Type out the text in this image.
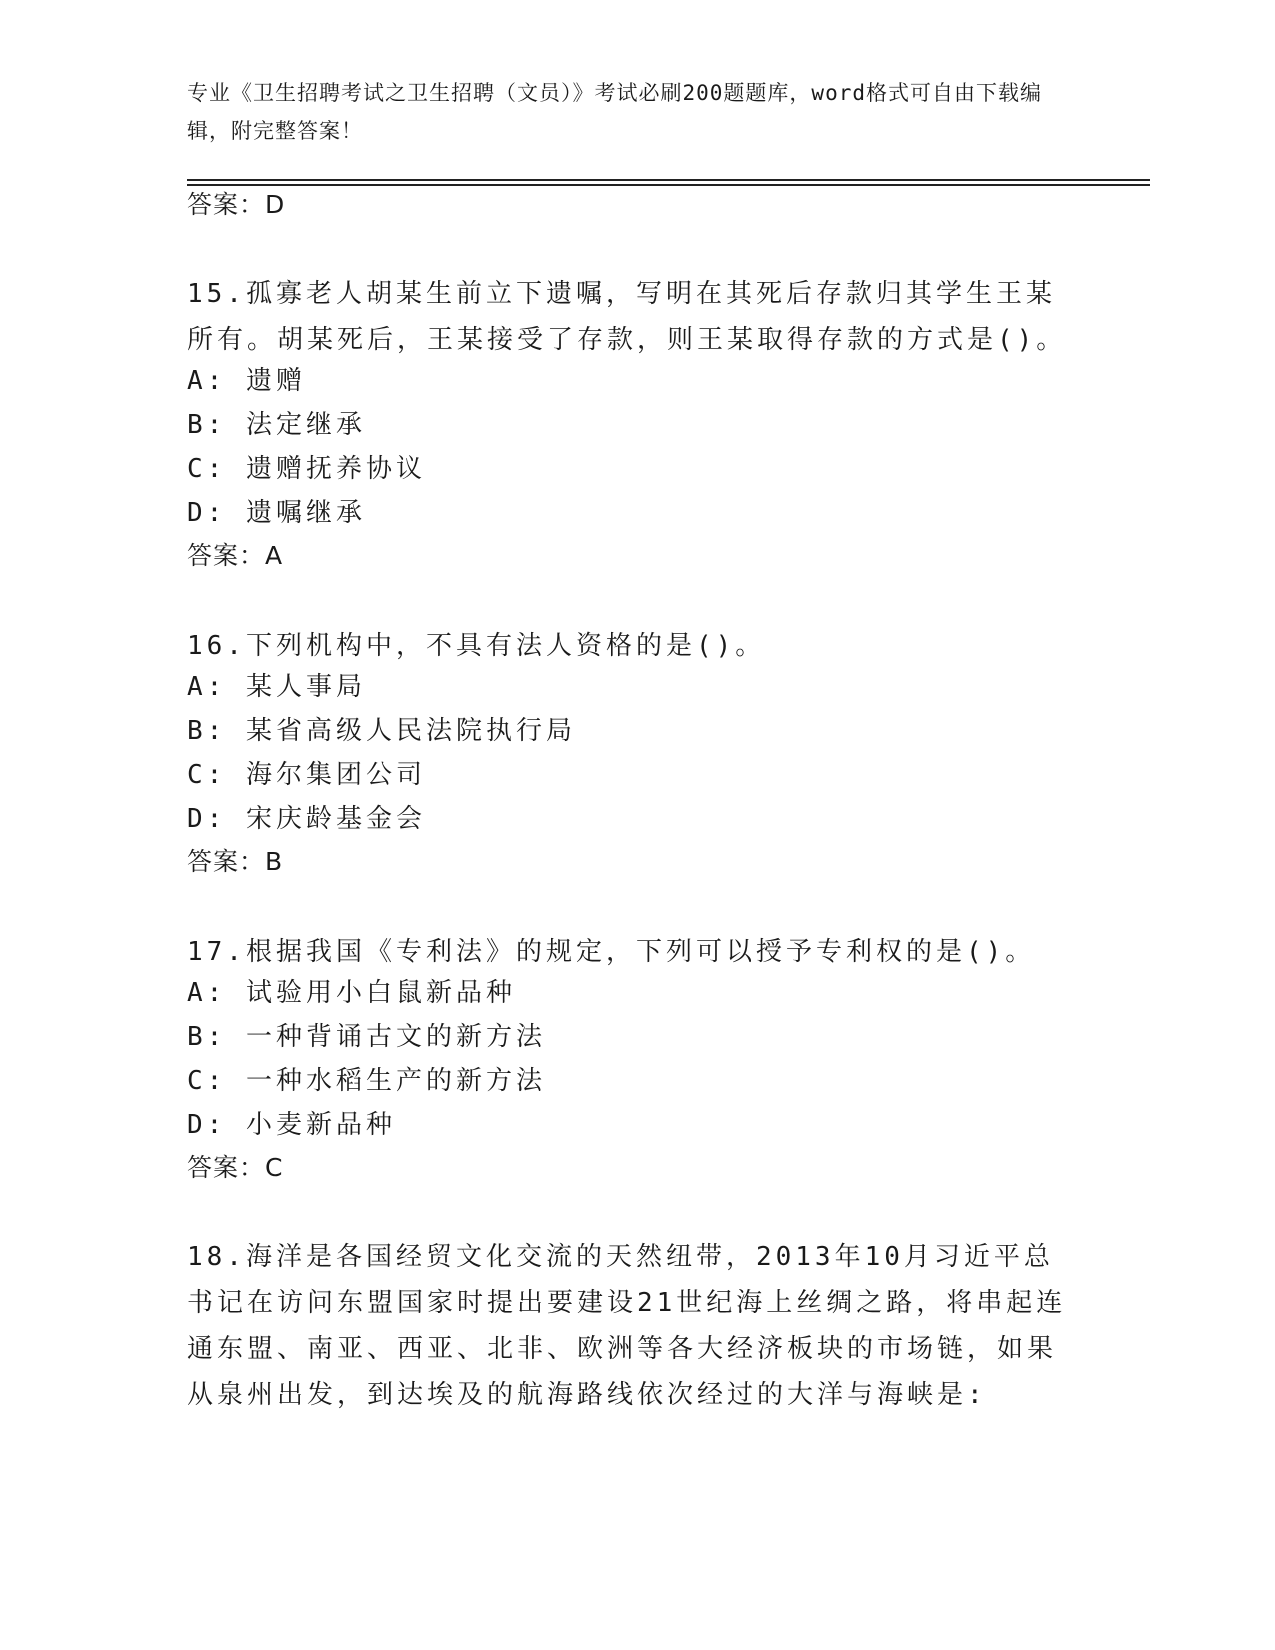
专业《卫生招聘考试之卫生招聘（文员）》考试必刷200题题库，word格式可自由下载编辑，附完整答案！
答案：D
15.孤寡老人胡某生前立下遗嘱，写明在其死后存款归其学生王某所有。胡某死后，王某接受了存款，则王某取得存款的方式是()。
A: 遗赠
B: 法定继承
C: 遗赠抚养协议
D: 遗嘱继承
答案：A
16.下列机构中，不具有法人资格的是()。
A: 某人事局
B: 某省高级人民法院执行局
C: 海尔集团公司
D: 宋庆龄基金会
答案：B
17.根据我国《专利法》的规定，下列可以授予专利权的是()。
A: 试验用小白鼠新品种
B: 一种背诵古文的新方法
C: 一种水稻生产的新方法
D: 小麦新品种
答案：C
18.海洋是各国经贸文化交流的天然纽带，2013年10月习近平总书记在访问东盟国家时提出要建设21世纪海上丝绸之路，将串起连通东盟、南亚、西亚、北非、欧洲等各大经济板块的市场链，如果从泉州出发，到达埃及的航海路线依次经过的大洋与海峡是:
